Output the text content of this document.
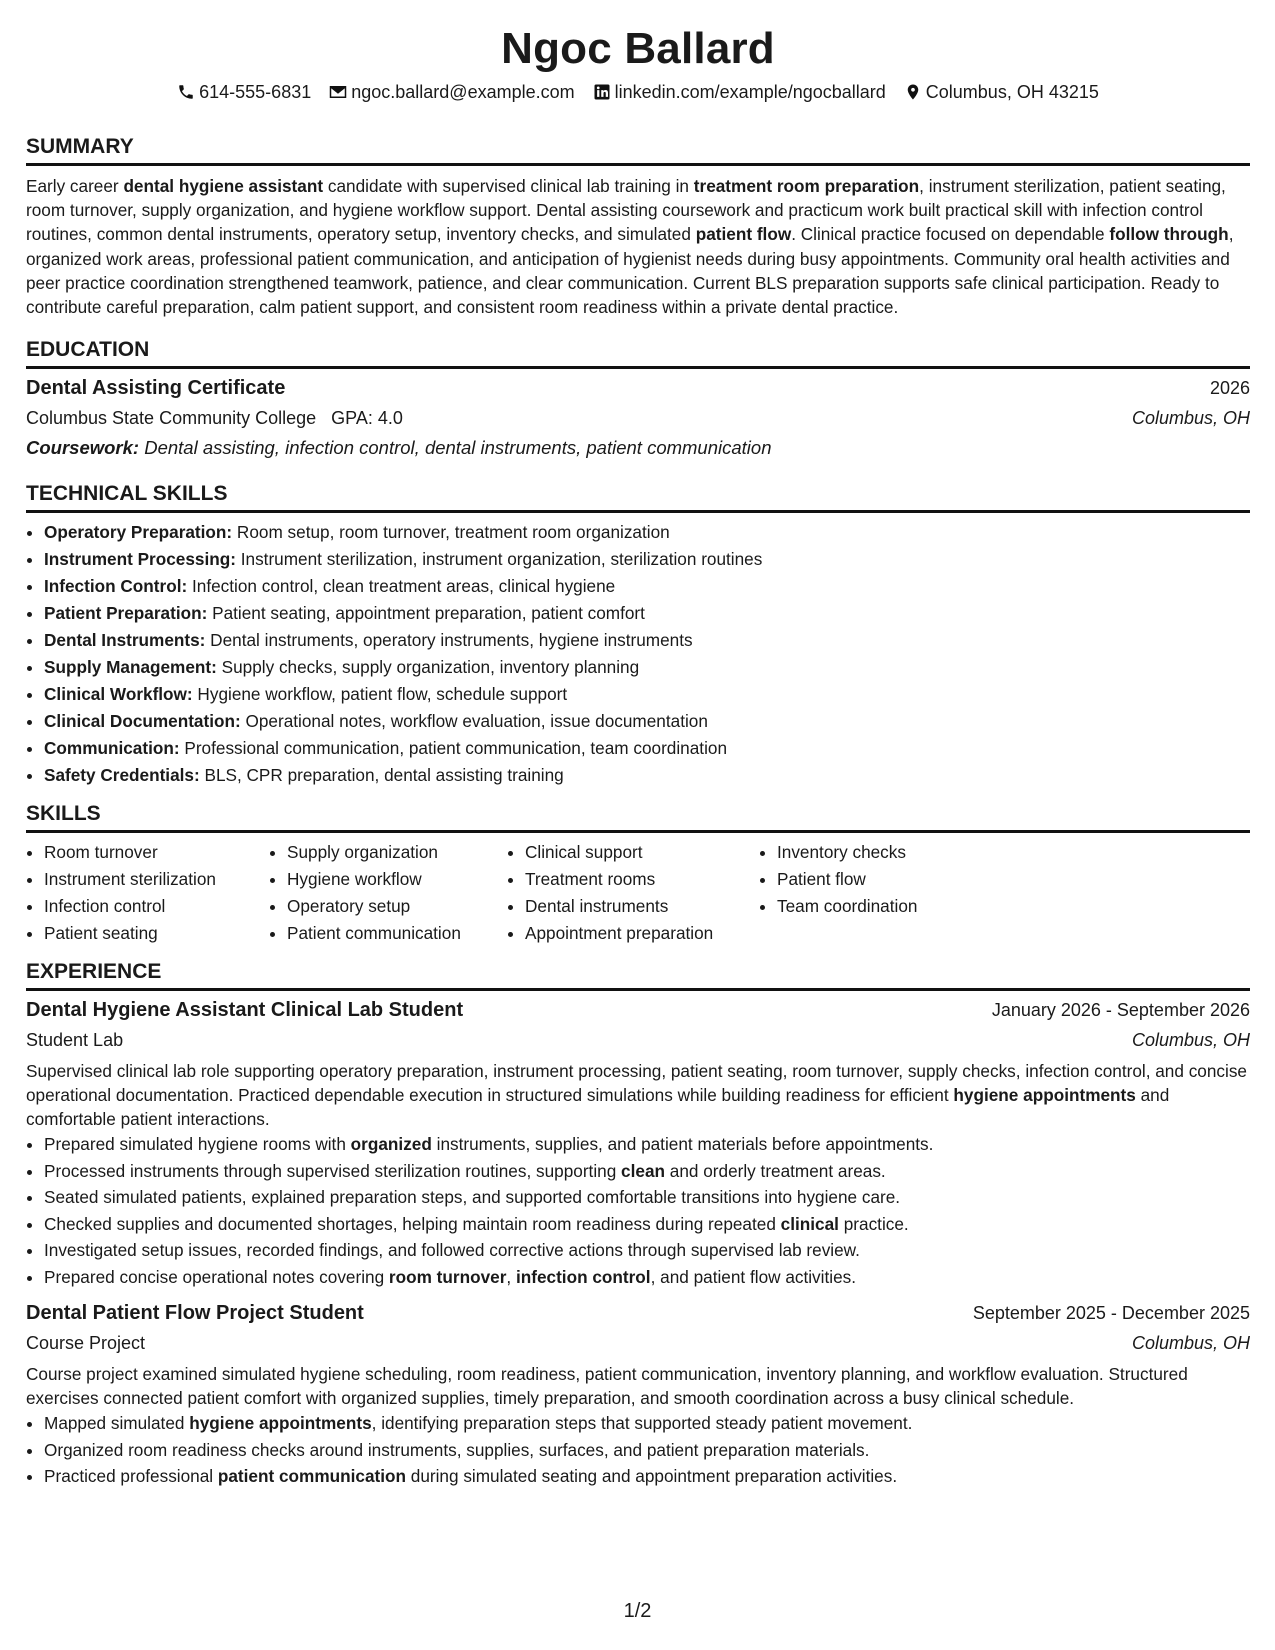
Ngoc Ballard
614-555-6831 ngoc.ballard@example.com linkedin.com/example/ngocballard Columbus, OH 43215
SUMMARY
Early career dental hygiene assistant candidate with supervised clinical lab training in treatment room preparation, instrument sterilization, patient seating, room turnover, supply organization, and hygiene workflow support. Dental assisting coursework and practicum work built practical skill with infection control routines, common dental instruments, operatory setup, inventory checks, and simulated patient flow. Clinical practice focused on dependable follow through, organized work areas, professional patient communication, and anticipation of hygienist needs during busy appointments. Community oral health activities and peer practice coordination strengthened teamwork, patience, and clear communication. Current BLS preparation supports safe clinical participation. Ready to contribute careful preparation, calm patient support, and consistent room readiness within a private dental practice.
EDUCATION
Dental Assisting Certificate	2026
Columbus State Community College GPA: 4.0	Columbus, OH
Coursework: Dental assisting, infection control, dental instruments, patient communication
TECHNICAL SKILLS
• Operatory Preparation: Room setup, room turnover, treatment room organization
• Instrument Processing: Instrument sterilization, instrument organization, sterilization routines
• Infection Control: Infection control, clean treatment areas, clinical hygiene
• Patient Preparation: Patient seating, appointment preparation, patient comfort
• Dental Instruments: Dental instruments, operatory instruments, hygiene instruments
• Supply Management: Supply checks, supply organization, inventory planning
• Clinical Workflow: Hygiene workflow, patient flow, schedule support
• Clinical Documentation: Operational notes, workflow evaluation, issue documentation
• Communication: Professional communication, patient communication, team coordination
• Safety Credentials: BLS, CPR preparation, dental assisting training
SKILLS
• Room turnover
• Instrument sterilization
• Infection control
• Patient seating
• Supply organization
• Hygiene workflow
• Operatory setup
• Patient communication
• Clinical support
• Treatment rooms
• Dental instruments
• Appointment preparation
• Inventory checks
• Patient flow
• Team coordination
EXPERIENCE
Dental Hygiene Assistant Clinical Lab Student	January 2026 - September 2026
Student Lab	Columbus, OH
Supervised clinical lab role supporting operatory preparation, instrument processing, patient seating, room turnover, supply checks, infection control, and concise operational documentation. Practiced dependable execution in structured simulations while building readiness for efficient hygiene appointments and comfortable patient interactions.
• Prepared simulated hygiene rooms with organized instruments, supplies, and patient materials before appointments.
• Processed instruments through supervised sterilization routines, supporting clean and orderly treatment areas.
• Seated simulated patients, explained preparation steps, and supported comfortable transitions into hygiene care.
• Checked supplies and documented shortages, helping maintain room readiness during repeated clinical practice.
• Investigated setup issues, recorded findings, and followed corrective actions through supervised lab review.
• Prepared concise operational notes covering room turnover, infection control, and patient flow activities.
Dental Patient Flow Project Student	September 2025 - December 2025
Course Project	Columbus, OH
Course project examined simulated hygiene scheduling, room readiness, patient communication, inventory planning, and workflow evaluation. Structured exercises connected patient comfort with organized supplies, timely preparation, and smooth coordination across a busy clinical schedule.
• Mapped simulated hygiene appointments, identifying preparation steps that supported steady patient movement.
• Organized room readiness checks around instruments, supplies, surfaces, and patient preparation materials.
• Practiced professional patient communication during simulated seating and appointment preparation activities.
1/2
